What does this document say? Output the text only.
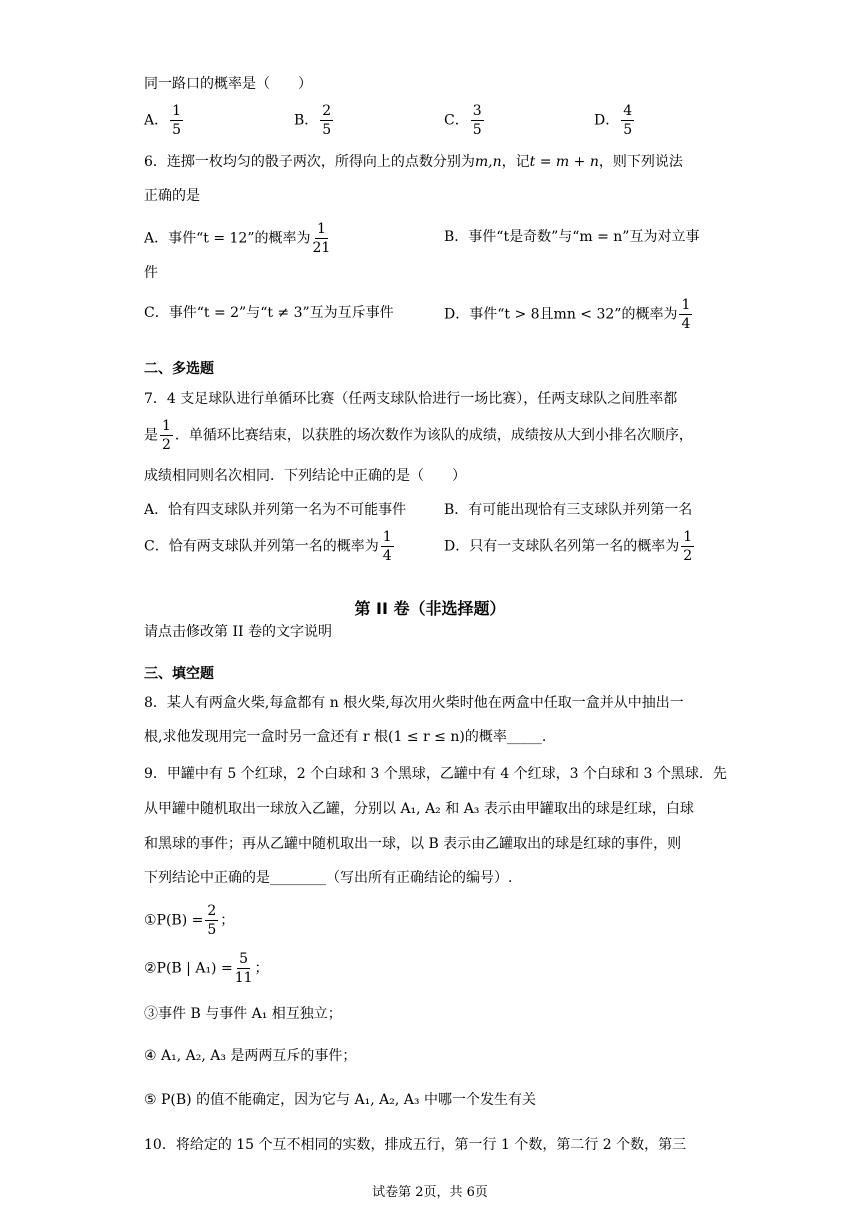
同一路口的概率是（　　）
A． $\frac{1}{5}$	B． $\frac{2}{5}$	C． $\frac{3}{5}$	D． $\frac{4}{5}$
6．连掷一枚均匀的骰子两次，所得向上的点数分别为m,n，记t = m + n，则下列说法
正确的是
A．事件“t = 12”的概率为 $\frac{1}{21}$	B．事件“t是奇数”与“m = n”互为对立事
件
C．事件“t = 2”与“t ≠ 3”互为互斥事件	D．事件“t > 8且mn < 32”的概率为 $\frac{1}{4}$
二、多选题
7．4 支足球队进行单循环比赛（任两支球队恰进行一场比赛），任两支球队之间胜率都
是 $\frac{1}{2}$ ．单循环比赛结束，以获胜的场次数作为该队的成绩，成绩按从大到小排名次顺序，
成绩相同则名次相同．下列结论中正确的是（　　）
A．恰有四支球队并列第一名为不可能事件	B．有可能出现恰有三支球队并列第一名
C．恰有两支球队并列第一名的概率为 $\frac{1}{4}$	D．只有一支球队名列第一名的概率为 $\frac{1}{2}$
第 II 卷（非选择题）
请点击修改第 II 卷的文字说明
三、填空题
8．某人有两盒火柴,每盒都有 n 根火柴,每次用火柴时他在两盒中任取一盒并从中抽出一
根,求他发现用完一盒时另一盒还有 r 根(1 ≤ r ≤ n)的概率_____.
9．甲罐中有 5 个红球，2 个白球和 3 个黑球，乙罐中有 4 个红球，3 个白球和 3 个黑球．先
从甲罐中随机取出一球放入乙罐，分别以 A₁, A₂ 和 A₃ 表示由甲罐取出的球是红球，白球
和黑球的事件；再从乙罐中随机取出一球，以 B 表示由乙罐取出的球是红球的事件，则
下列结论中正确的是________（写出所有正确结论的编号）.
①P(B) = $\frac{2}{5}$ ；
②P(B | $A_1) = \frac{5}{11}$ ；
③事件 B 与事件 A₁ 相互独立；
④ A₁, A₂, A₃ 是两两互斥的事件；
⑤ P(B) 的值不能确定，因为它与 A₁, A₂, A₃ 中哪一个发生有关
10．将给定的 15 个互不相同的实数，排成五行，第一行 1 个数，第二行 2 个数，第三
试卷第 2页，共 6页
